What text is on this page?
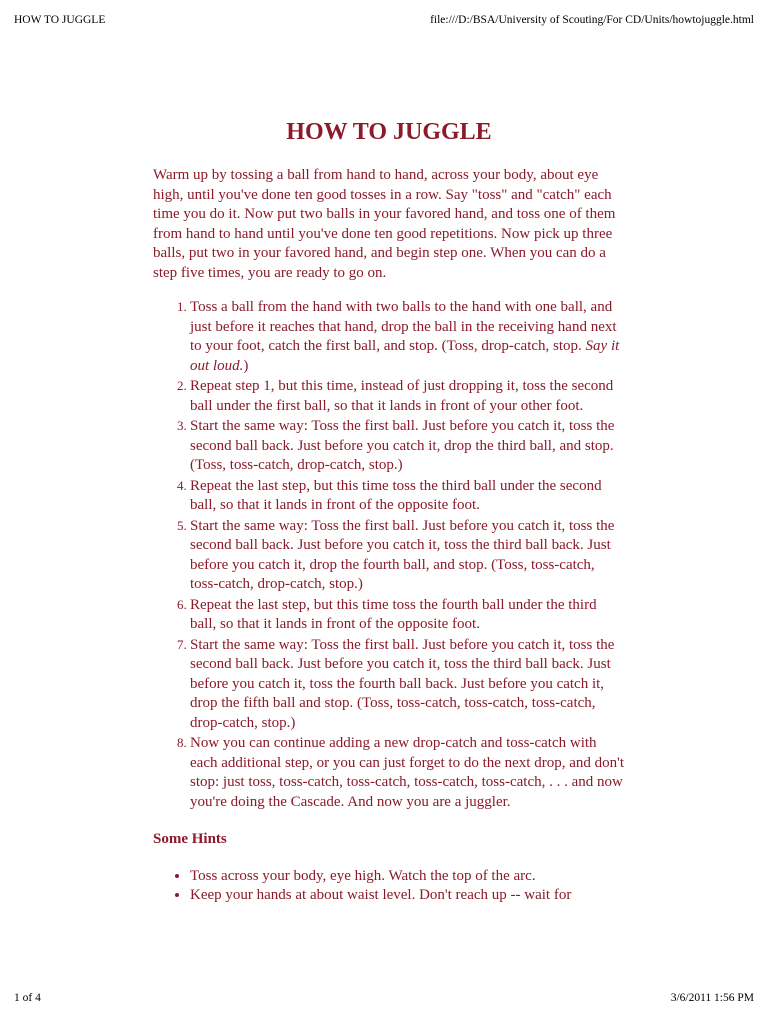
HOW TO JUGGLE	file:///D:/BSA/University of Scouting/For CD/Units/howtojuggle.html
HOW TO JUGGLE

Warm up by tossing a ball from hand to hand, across your body, about eye high, until you've done ten good tosses in a row. Say "toss" and "catch" each time you do it. Now put two balls in your favored hand, and toss one of them from hand to hand until you've done ten good repetitions. Now pick up three balls, put two in your favored hand, and begin step one. When you can do a step five times, you are ready to go on.

1. Toss a ball from the hand with two balls to the hand with one ball, and just before it reaches that hand, drop the ball in the receiving hand next to your foot, catch the first ball, and stop. (Toss, drop-catch, stop. Say it out loud.)
2. Repeat step 1, but this time, instead of just dropping it, toss the second ball under the first ball, so that it lands in front of your other foot.
3. Start the same way: Toss the first ball. Just before you catch it, toss the second ball back. Just before you catch it, drop the third ball, and stop. (Toss, toss-catch, drop-catch, stop.)
4. Repeat the last step, but this time toss the third ball under the second ball, so that it lands in front of the opposite foot.
5. Start the same way: Toss the first ball. Just before you catch it, toss the second ball back. Just before you catch it, toss the third ball back. Just before you catch it, drop the fourth ball, and stop. (Toss, toss-catch, toss-catch, drop-catch, stop.)
6. Repeat the last step, but this time toss the fourth ball under the third ball, so that it lands in front of the opposite foot.
7. Start the same way: Toss the first ball. Just before you catch it, toss the second ball back. Just before you catch it, toss the third ball back. Just before you catch it, toss the fourth ball back. Just before you catch it, drop the fifth ball and stop. (Toss, toss-catch, toss-catch, toss-catch, drop-catch, stop.)
8. Now you can continue adding a new drop-catch and toss-catch with each additional step, or you can just forget to do the next drop, and don't stop: just toss, toss-catch, toss-catch, toss-catch, toss-catch, . . . and now you're doing the Cascade. And now you are a juggler.
Some Hints
• Toss across your body, eye high. Watch the top of the arc.
• Keep your hands at about waist level. Don't reach up -- wait for
1 of 4	3/6/2011 1:56 PM
